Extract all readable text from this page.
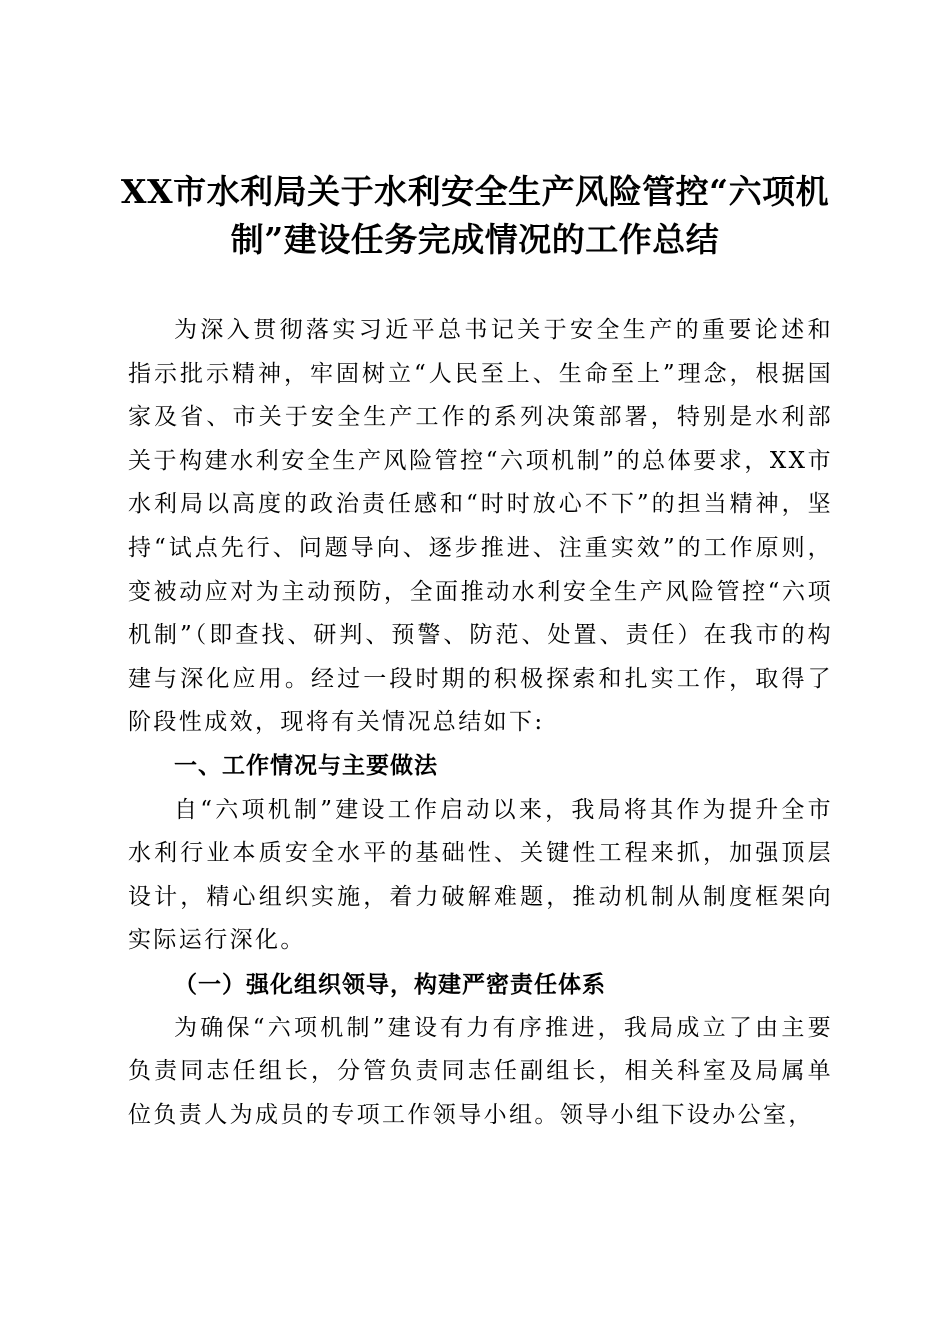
XX市水利局关于水利安全生产风险管控“六项机制”建设任务完成情况的工作总结

为深入贯彻落实习近平总书记关于安全生产的重要论述和指示批示精神，牢固树立“人民至上、生命至上”理念，根据国家及省、市关于安全生产工作的系列决策部署，特别是水利部关于构建水利安全生产风险管控“六项机制”的总体要求，XX市水利局以高度的政治责任感和“时时放心不下”的担当精神，坚持“试点先行、问题导向、逐步推进、注重实效”的工作原则，变被动应对为主动预防，全面推动水利安全生产风险管控“六项机制”（即查找、研判、预警、防范、处置、责任）在我市的构建与深化应用。经过一段时期的积极探索和扎实工作，取得了阶段性成效，现将有关情况总结如下:

一、工作情况与主要做法

自“六项机制”建设工作启动以来，我局将其作为提升全市水利行业本质安全水平的基础性、关键性工程来抓，加强顶层设计，精心组织实施，着力破解难题，推动机制从制度框架向实际运行深化。

（一）强化组织领导，构建严密责任体系

为确保“六项机制”建设有力有序推进，我局成立了由主要负责同志任组长，分管负责同志任副组长，相关科室及局属单位负责人为成员的专项工作领导小组。领导小组下设办公室，
